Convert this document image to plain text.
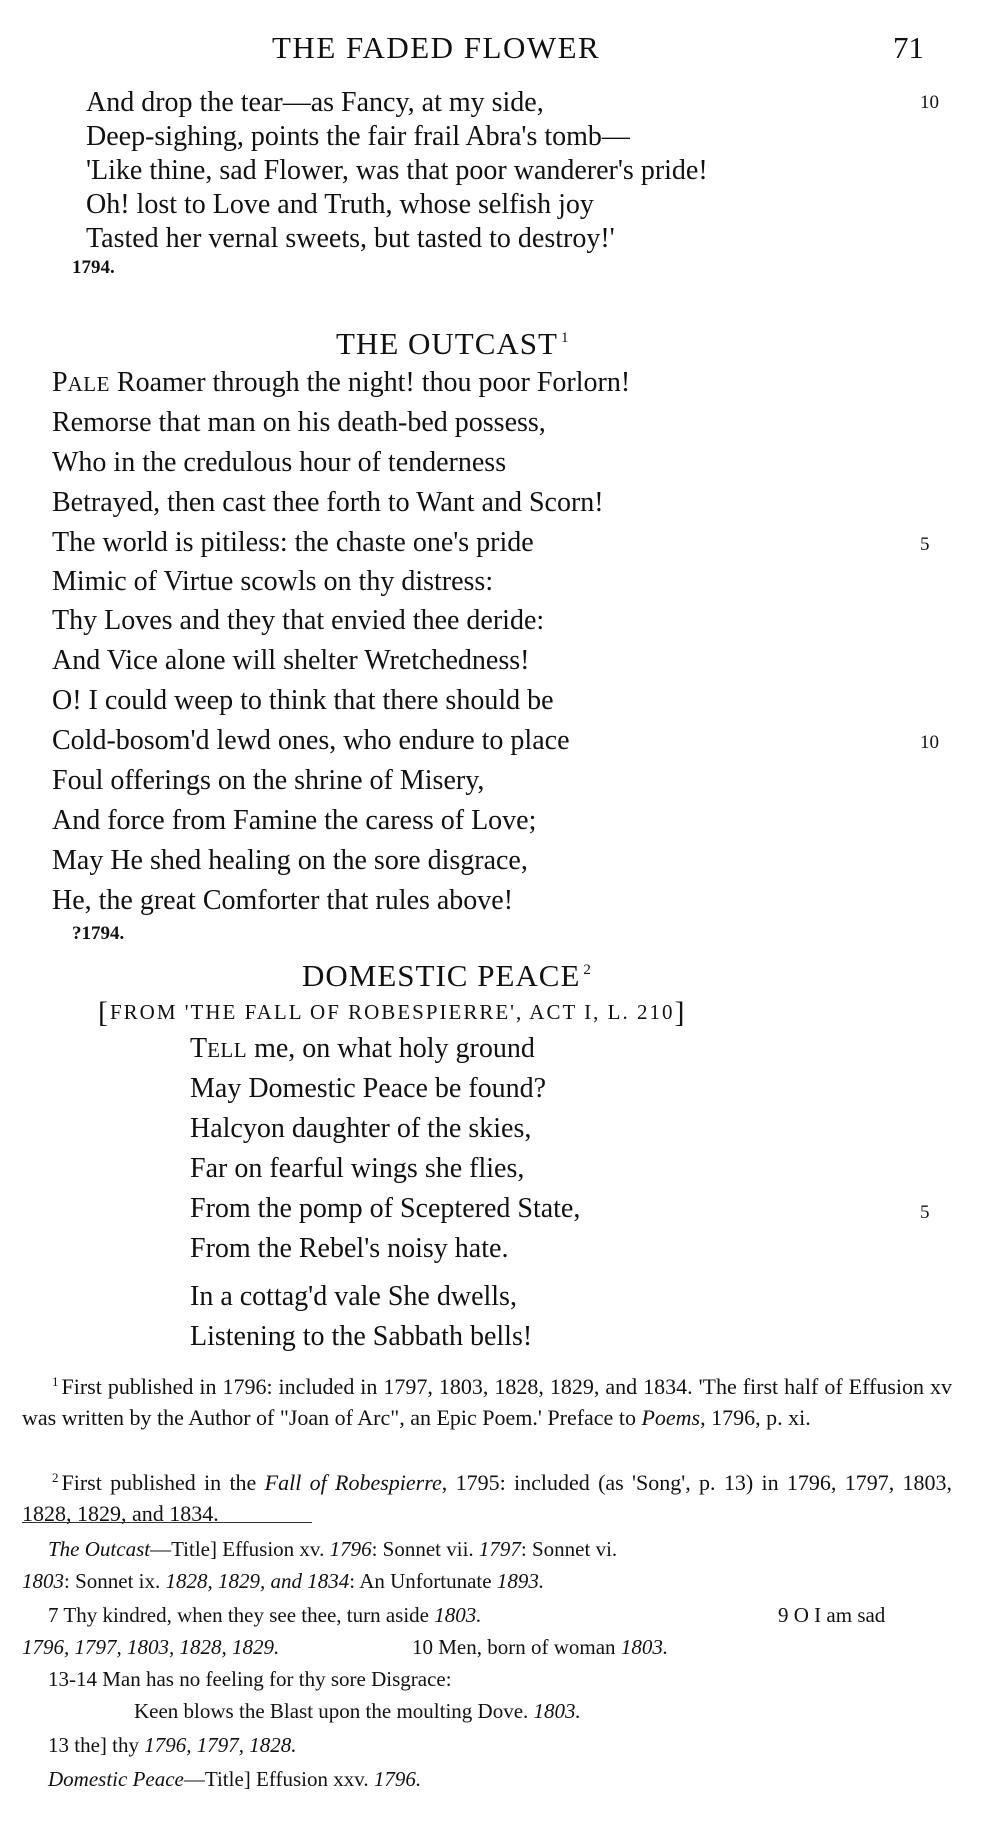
THE FADED FLOWER	71
And drop the tear—as Fancy, at my side,	10
Deep-sighing, points the fair frail Abra's tomb—
'Like thine, sad Flower, was that poor wanderer's pride!
Oh! lost to Love and Truth, whose selfish joy
Tasted her vernal sweets, but tasted to destroy!'
1794.
THE OUTCAST $^1$
PALE Roamer through the night! thou poor Forlorn!
Remorse that man on his death-bed possess,
Who in the credulous hour of tenderness
Betrayed, then cast thee forth to Want and Scorn!
The world is pitiless: the chaste one's pride	5
Mimic of Virtue scowls on thy distress:
Thy Loves and they that envied thee deride:
And Vice alone will shelter Wretchedness!
O! I could weep to think that there should be
Cold-bosom'd lewd ones, who endure to place	10
Foul offerings on the shrine of Misery,
And force from Famine the caress of Love;
May He shed healing on the sore disgrace,
He, the great Comforter that rules above!
?1794.
DOMESTIC PEACE $^2$
[FROM 'THE FALL OF ROBESPIERRE', ACT I, L. 210]
TELL me, on what holy ground
May Domestic Peace be found?
Halcyon daughter of the skies,
Far on fearful wings she flies,
From the pomp of Sceptered State,	5
From the Rebel's noisy hate.
In a cottag'd vale She dwells,
Listening to the Sabbath bells!
$^1$ First published in 1796: included in 1797, 1803, 1828, 1829, and 1834. 'The first half of Effusion xv was written by the Author of "Joan of Arc", an Epic Poem.' Preface to Poems, 1796, p. xi.
$^2$ First published in the Fall of Robespierre, 1795: included (as 'Song', p. 13) in 1796, 1797, 1803, 1828, 1829, and 1834.
The Outcast—Title] Effusion xv. 1796: Sonnet vii. 1797: Sonnet vi.
1803: Sonnet ix. 1828, 1829, and 1834: An Unfortunate 1893.
7 Thy kindred, when they see thee, turn aside 1803.	9 O I am sad
1796, 1797, 1803, 1828, 1829.	10 Men, born of woman 1803.
13-14 Man has no feeling for thy sore Disgrace:
Keen blows the Blast upon the moulting Dove. 1803.
13 the] thy 1796, 1797, 1828.
Domestic Peace—Title] Effusion xxv. 1796.
